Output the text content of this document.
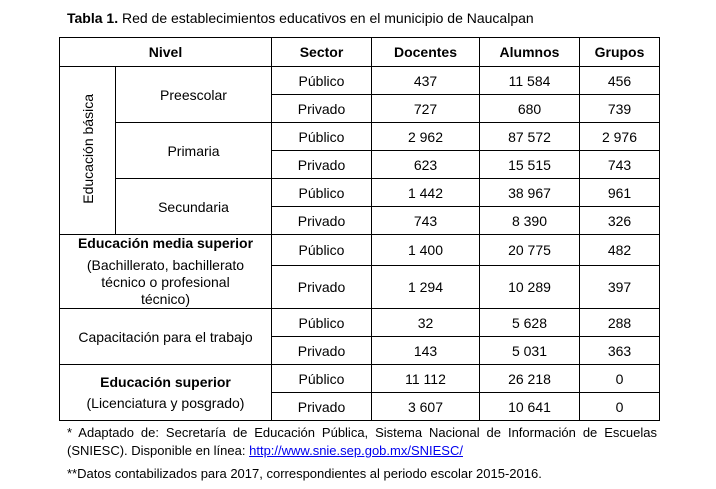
Tabla 1. Red de establecimientos educativos en el municipio de Naucalpan
Nivel		Sector	Docentes	Alumnos	Grupos
Educación básica	Preescolar	Público	437	11 584	456
		Privado	727	680	739
	Primaria	Público	2 962	87 572	2 976
		Privado	623	15 515	743
	Secundaria	Público	1 442	38 967	961
		Privado	743	8 390	326

Educación media superior
(Bachillerato, bachillerato técnico o profesional técnico)		Público	1 400	20 775	482
		Privado	1 294	10 289	397
Capacitación para el trabajo		Público	32	5 628	288
		Privado	143	5 031	363

Educación superior
(Licenciatura y posgrado)		Público	11 112	26 218	0
		Privado	3 607	10 641	0
* Adaptado de: Secretaría de Educación Pública, Sistema Nacional de Información de Escuelas (SNIESC). Disponible en línea: http://www.snie.sep.gob.mx/SNIESC/
**Datos contabilizados para 2017, correspondientes al periodo escolar 2015-2016.
